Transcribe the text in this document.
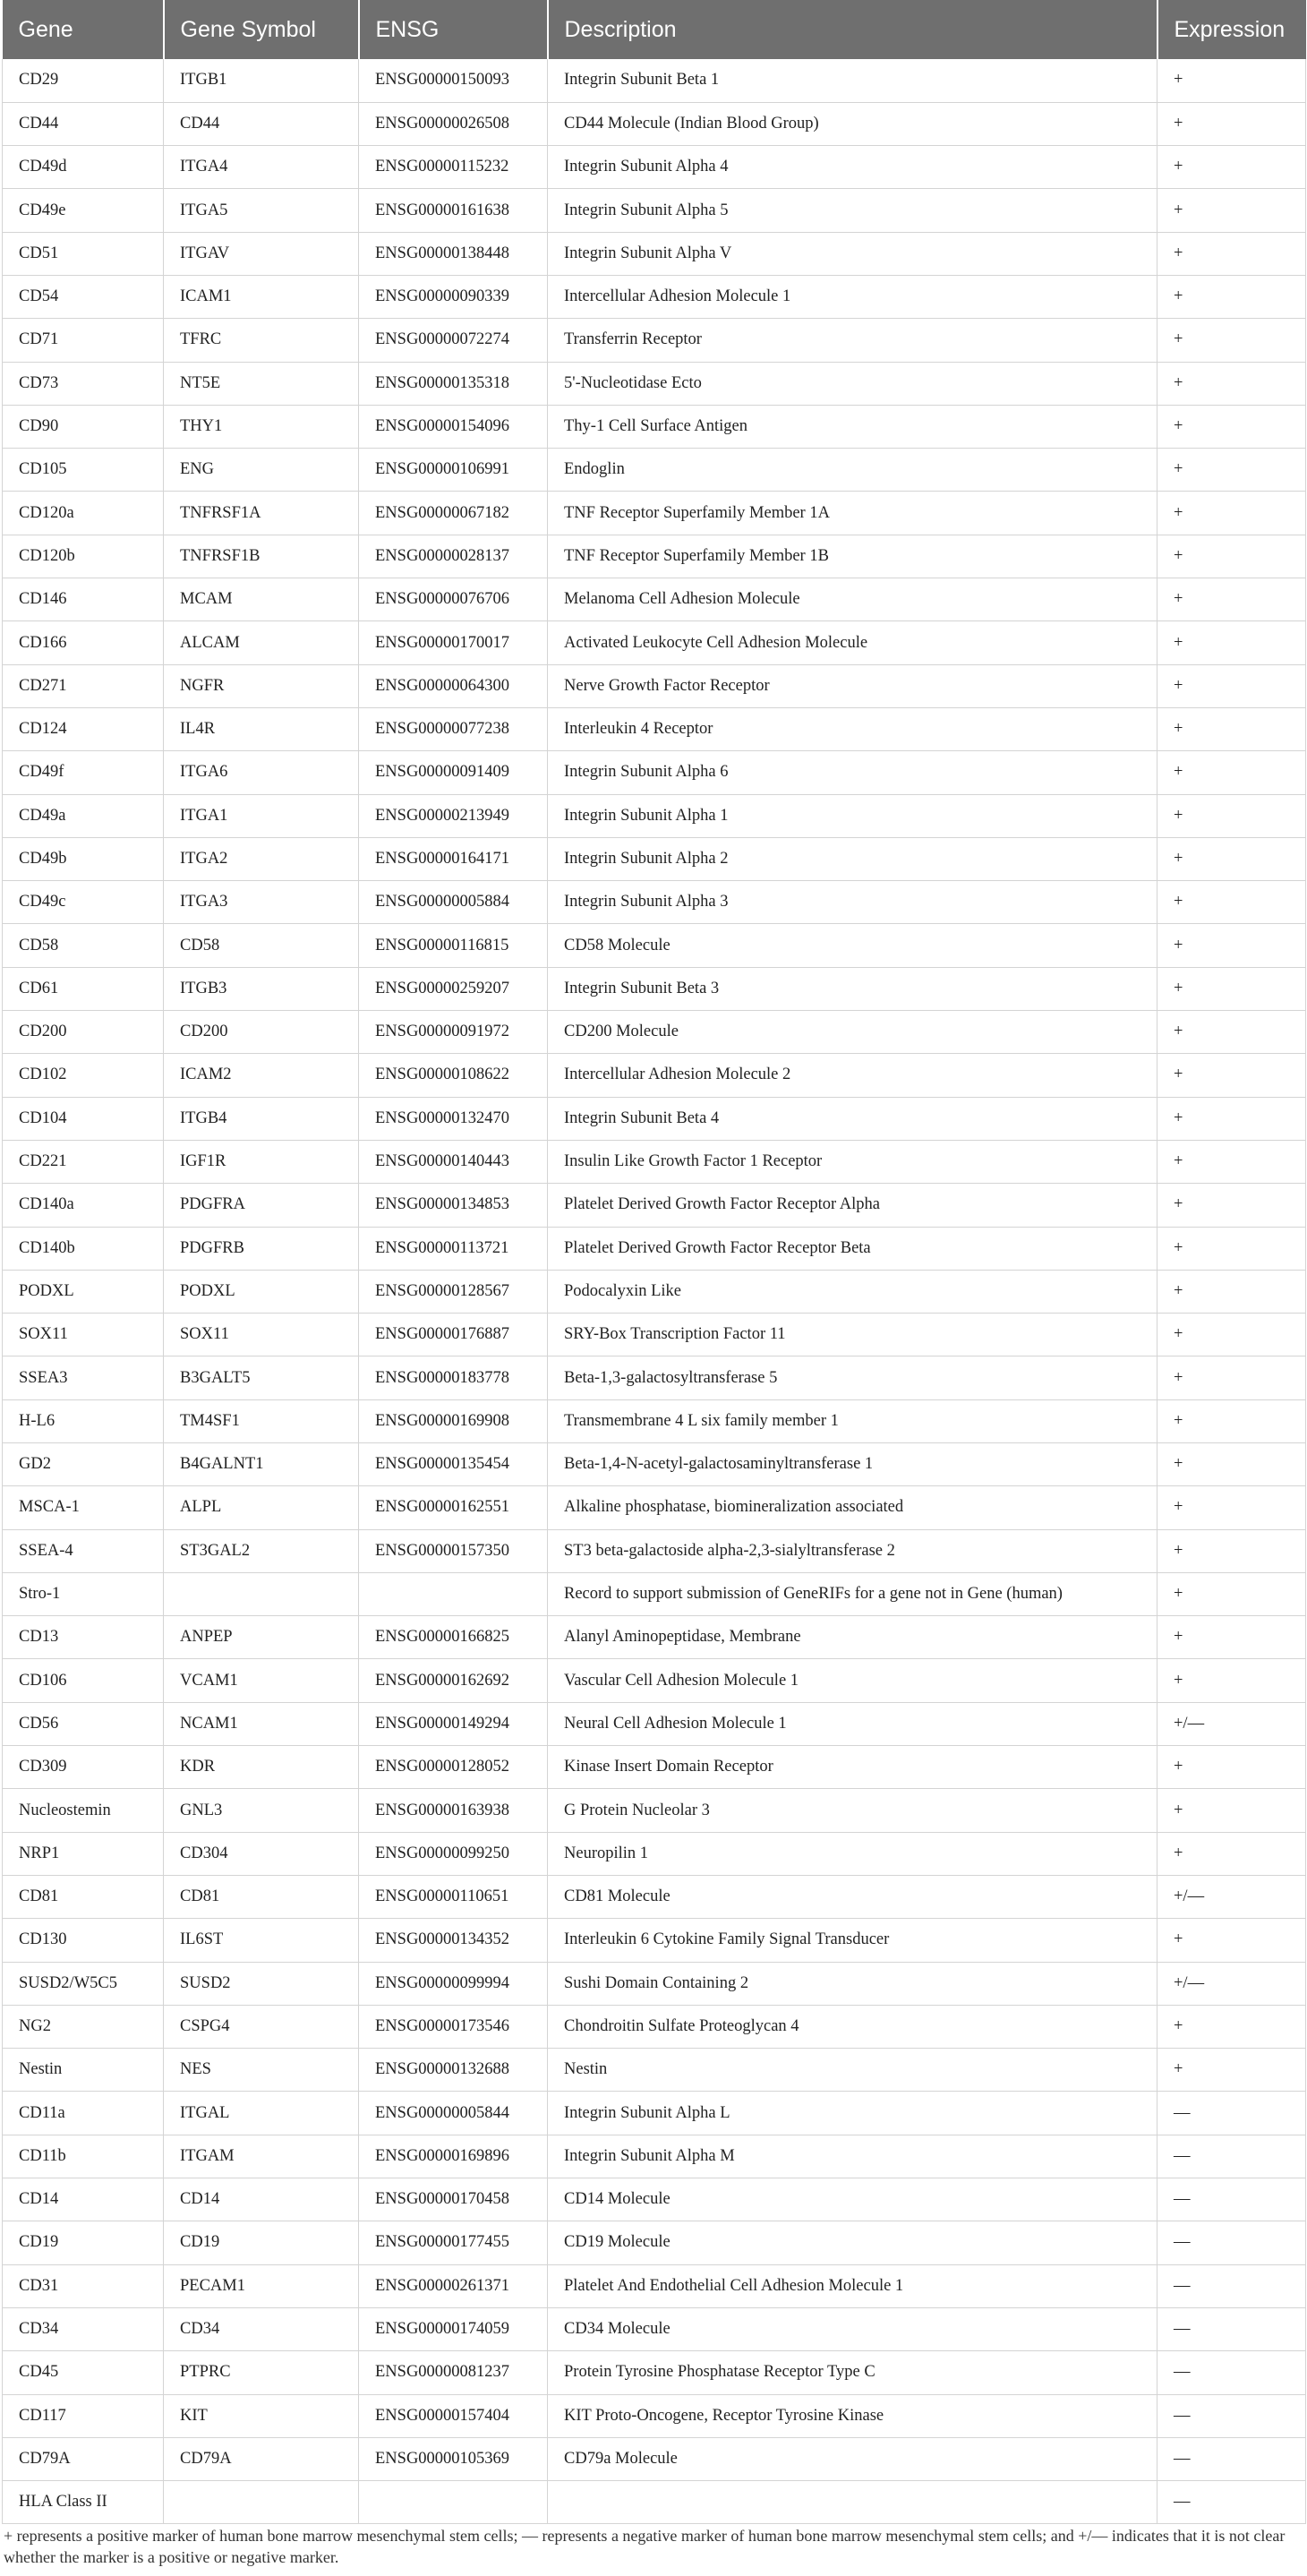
Gene	Gene Symbol	ENSG	Description	Expression
CD29	ITGB1	ENSG00000150093	Integrin Subunit Beta 1	+
CD44	CD44	ENSG00000026508	CD44 Molecule (Indian Blood Group)	+
CD49d	ITGA4	ENSG00000115232	Integrin Subunit Alpha 4	+
CD49e	ITGA5	ENSG00000161638	Integrin Subunit Alpha 5	+
CD51	ITGAV	ENSG00000138448	Integrin Subunit Alpha V	+
CD54	ICAM1	ENSG00000090339	Intercellular Adhesion Molecule 1	+
CD71	TFRC	ENSG00000072274	Transferrin Receptor	+
CD73	NT5E	ENSG00000135318	5'-Nucleotidase Ecto	+
CD90	THY1	ENSG00000154096	Thy-1 Cell Surface Antigen	+
CD105	ENG	ENSG00000106991	Endoglin	+
CD120a	TNFRSF1A	ENSG00000067182	TNF Receptor Superfamily Member 1A	+
CD120b	TNFRSF1B	ENSG00000028137	TNF Receptor Superfamily Member 1B	+
CD146	MCAM	ENSG00000076706	Melanoma Cell Adhesion Molecule	+
CD166	ALCAM	ENSG00000170017	Activated Leukocyte Cell Adhesion Molecule	+
CD271	NGFR	ENSG00000064300	Nerve Growth Factor Receptor	+
CD124	IL4R	ENSG00000077238	Interleukin 4 Receptor	+
CD49f	ITGA6	ENSG00000091409	Integrin Subunit Alpha 6	+
CD49a	ITGA1	ENSG00000213949	Integrin Subunit Alpha 1	+
CD49b	ITGA2	ENSG00000164171	Integrin Subunit Alpha 2	+
CD49c	ITGA3	ENSG00000005884	Integrin Subunit Alpha 3	+
CD58	CD58	ENSG00000116815	CD58 Molecule	+
CD61	ITGB3	ENSG00000259207	Integrin Subunit Beta 3	+
CD200	CD200	ENSG00000091972	CD200 Molecule	+
CD102	ICAM2	ENSG00000108622	Intercellular Adhesion Molecule 2	+
CD104	ITGB4	ENSG00000132470	Integrin Subunit Beta 4	+
CD221	IGF1R	ENSG00000140443	Insulin Like Growth Factor 1 Receptor	+
CD140a	PDGFRA	ENSG00000134853	Platelet Derived Growth Factor Receptor Alpha	+
CD140b	PDGFRB	ENSG00000113721	Platelet Derived Growth Factor Receptor Beta	+
PODXL	PODXL	ENSG00000128567	Podocalyxin Like	+
SOX11	SOX11	ENSG00000176887	SRY-Box Transcription Factor 11	+
SSEA3	B3GALT5	ENSG00000183778	Beta-1,3-galactosyltransferase 5	+
H-L6	TM4SF1	ENSG00000169908	Transmembrane 4 L six family member 1	+
GD2	B4GALNT1	ENSG00000135454	Beta-1,4-N-acetyl-galactosaminyltransferase 1	+
MSCA-1	ALPL	ENSG00000162551	Alkaline phosphatase, biomineralization associated	+
SSEA-4	ST3GAL2	ENSG00000157350	ST3 beta-galactoside alpha-2,3-sialyltransferase 2	+
Stro-1			Record to support submission of GeneRIFs for a gene not in Gene (human)	+
CD13	ANPEP	ENSG00000166825	Alanyl Aminopeptidase, Membrane	+
CD106	VCAM1	ENSG00000162692	Vascular Cell Adhesion Molecule 1	+
CD56	NCAM1	ENSG00000149294	Neural Cell Adhesion Molecule 1	+/—
CD309	KDR	ENSG00000128052	Kinase Insert Domain Receptor	+
Nucleostemin	GNL3	ENSG00000163938	G Protein Nucleolar 3	+
NRP1	CD304	ENSG00000099250	Neuropilin 1	+
CD81	CD81	ENSG00000110651	CD81 Molecule	+/—
CD130	IL6ST	ENSG00000134352	Interleukin 6 Cytokine Family Signal Transducer	+
SUSD2/W5C5	SUSD2	ENSG00000099994	Sushi Domain Containing 2	+/—
NG2	CSPG4	ENSG00000173546	Chondroitin Sulfate Proteoglycan 4	+
Nestin	NES	ENSG00000132688	Nestin	+
CD11a	ITGAL	ENSG00000005844	Integrin Subunit Alpha L	—
CD11b	ITGAM	ENSG00000169896	Integrin Subunit Alpha M	—
CD14	CD14	ENSG00000170458	CD14 Molecule	—
CD19	CD19	ENSG00000177455	CD19 Molecule	—
CD31	PECAM1	ENSG00000261371	Platelet And Endothelial Cell Adhesion Molecule 1	—
CD34	CD34	ENSG00000174059	CD34 Molecule	—
CD45	PTPRC	ENSG00000081237	Protein Tyrosine Phosphatase Receptor Type C	—
CD117	KIT	ENSG00000157404	KIT Proto-Oncogene, Receptor Tyrosine Kinase	—
CD79A	CD79A	ENSG00000105369	CD79a Molecule	—
HLA Class II				—
+ represents a positive marker of human bone marrow mesenchymal stem cells; — represents a negative marker of human bone marrow mesenchymal stem cells; and +/— indicates that it is not clear whether the marker is a positive or negative marker.
